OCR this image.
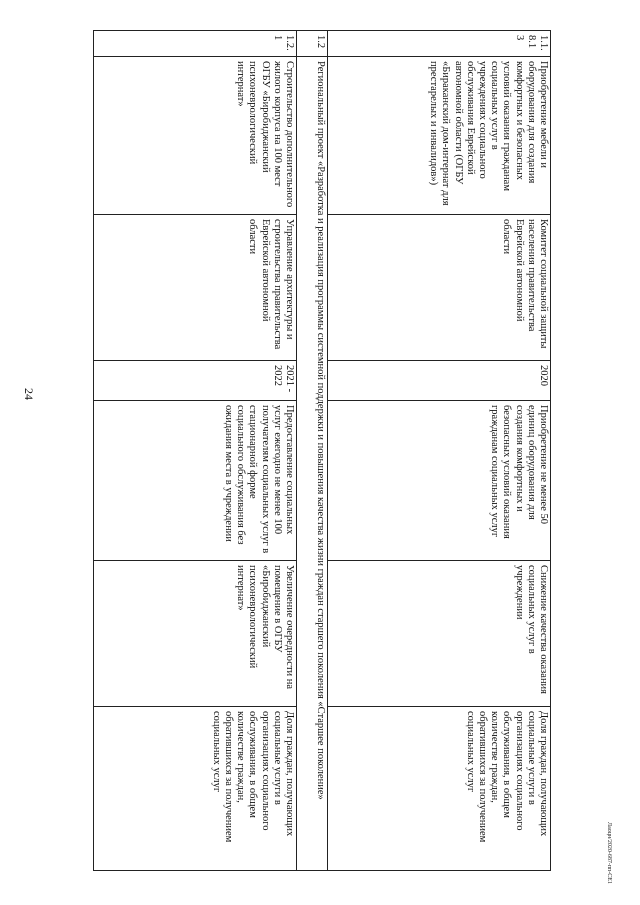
24
Лаоцн/2020-687-пп-СЕ1
1.1.8.13	Приобретение мебели и оборудования для создания комфортных и безопасных условий оказания гражданам социальных услуг в учреждениях социального обслуживания Еврейской автономной области (ОГБУ «Бираканский дом-интернат для престарелых и инвалидов»)	Комитет социальной защиты населения правительства Еврейской автономной области	2020	Приобретение не менее 50 единиц оборудования для создания комфортных и безопасных условий оказания гражданам социальных услуг	Снижение качества оказания социальных услуг в учреждении	Доля граждан, получающих социальные услуги в организациях социального обслуживания, в общем количестве граждан, обратившихся за получением социальных услуг
1.2	Региональный проект «Разработка и реализация программы системной поддержки и повышения качества жизни граждан старшего поколения «Старшее поколение»					
1.2.1	Строительство дополнительного жилого корпуса на 100 мест ОГБУ «Биробиджанский психоневрологический интернат»	Управление архитектуры и строительства правительства Еврейской автономной области	2021 - 2022	Предоставление социальных услуг ежегодно не менее 100 получателям социальных услуг в стационарной форме социального обслуживания без ожидания места в учреждении	Увеличение очередности на помещение в ОГБУ «Биробиджанский психоневрологический интернат»	Доля граждан, получающих социальные услуги в организациях социального обслуживания, в общем количестве граждан, обратившихся за получением социальных услуг
